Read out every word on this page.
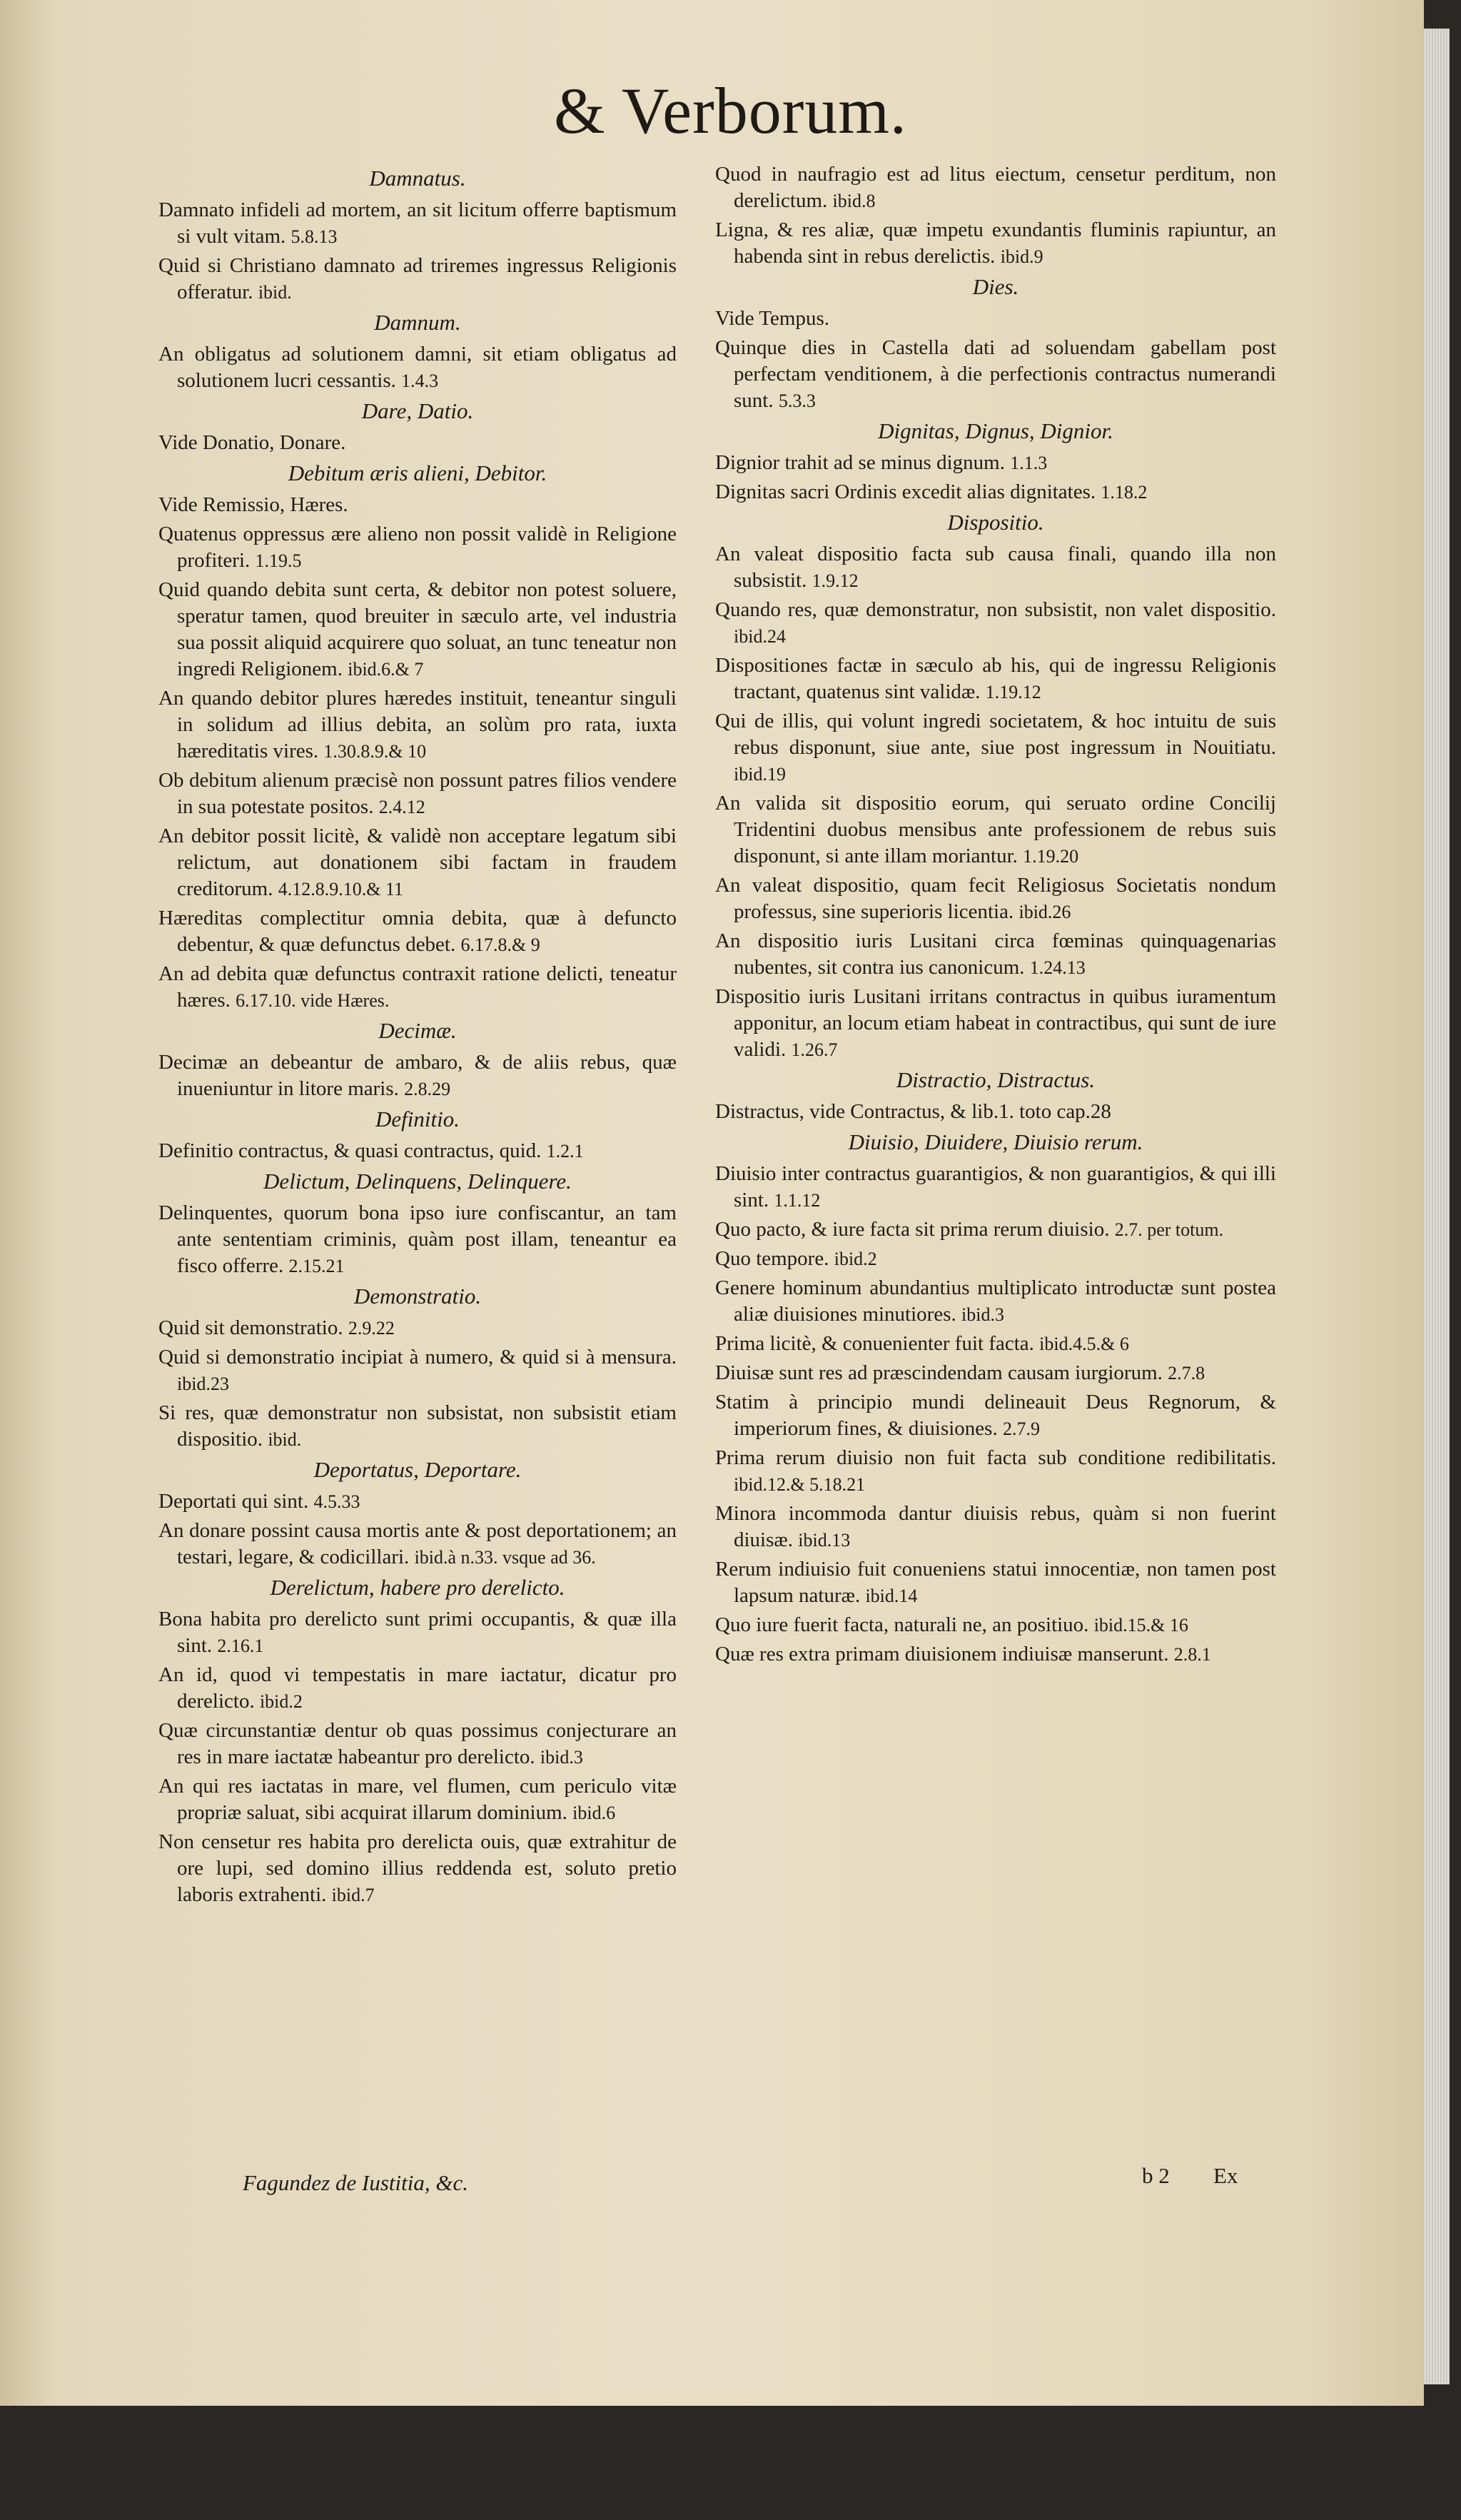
& Verborum.
Damnatus.
Damnato infideli ad mortem, an sit licitum offerre baptismum si vult vitam. 5.8.13
Quid si Christiano damnato ad triremes ingressus Religionis offeratur. ibid.
Damnum.
An obligatus ad solutionem damni, sit etiam obligatus ad solutionem lucri cessantis. 1.4.3
Dare, Datio.
Vide Donatio, Donare.
Debitum æris alieni, Debitor.
Vide Remissio, Hæres.
Quatenus oppressus ære alieno non possit validè in Religione profiteri. 1.19.5
Quid quando debita sunt certa, & debitor non potest soluere, speratur tamen, quod breuiter in sæculo arte, vel industria sua possit aliquid acquirere quo soluat, an tunc teneatur non ingredi Religionem. ibid.6.& 7
An quando debitor plures hæredes instituit, teneantur singuli in solidum ad illius debita, an solùm pro rata, iuxta hæreditatis vires. 1.30.8.9.& 10
Ob debitum alienum præcisè non possunt patres filios vendere in sua potestate positos. 2.4.12
An debitor possit licitè, & validè non acceptare legatum sibi relictum, aut donationem sibi factam in fraudem creditorum. 4.12.8.9.10.& 11
Hæreditas complectitur omnia debita, quæ à defuncto debentur, & quæ defunctus debet. 6.17.8.& 9
An ad debita quæ defunctus contraxit ratione delicti, teneatur hæres. 6.17.10. vide Hæres.
Decimæ.
Decimæ an debeantur de ambaro, & de aliis rebus, quæ inueniuntur in litore maris. 2.8.29
Definitio.
Definitio contractus, & quasi contractus, quid. 1.2.1
Delictum, Delinquens, Delinquere.
Delinquentes, quorum bona ipso iure confiscantur, an tam ante sententiam criminis, quàm post illam, teneantur ea fisco offerre. 2.15.21
Demonstratio.
Quid sit demonstratio. 2.9.22
Quid si demonstratio incipiat à numero, & quid si à mensura. ibid.23
Si res, quæ demonstratur non subsistat, non subsistit etiam dispositio. ibid.
Deportatus, Deportare.
Deportati qui sint. 4.5.33
An donare possint causa mortis ante & post deportationem; an testari, legare, & codicillari. ibid.à n.33. vsque ad 36.
Derelictum, habere pro derelicto.
Bona habita pro derelicto sunt primi occupantis, & quæ illa sint. 2.16.1
An id, quod vi tempestatis in mare iactatur, dicatur pro derelicto. ibid.2
Quæ circunstantiæ dentur ob quas possimus conjecturare an res in mare iactatæ habeantur pro derelicto. ibid.3
An qui res iactatas in mare, vel flumen, cum periculo vitæ propriæ saluat, sibi acquirat illarum dominium. ibid.6
Non censetur res habita pro derelicta ouis, quæ extrahitur de ore lupi, sed domino illius reddenda est, soluto pretio laboris extrahenti. ibid.7
Quod in naufragio est ad litus eiectum, censetur perditum, non derelictum. ibid.8
Ligna, & res aliæ, quæ impetu exundantis fluminis rapiuntur, an habenda sint in rebus derelictis. ibid.9
Dies.
Vide Tempus.
Quinque dies in Castella dati ad soluendam gabellam post perfectam venditionem, à die perfectionis contractus numerandi sunt. 5.3.3
Dignitas, Dignus, Dignior.
Dignior trahit ad se minus dignum. 1.1.3
Dignitas sacri Ordinis excedit alias dignitates. 1.18.2
Dispositio.
An valeat dispositio facta sub causa finali, quando illa non subsistit. 1.9.12
Quando res, quæ demonstratur, non subsistit, non valet dispositio. ibid.24
Dispositiones factæ in sæculo ab his, qui de ingressu Religionis tractant, quatenus sint validæ. 1.19.12
Qui de illis, qui volunt ingredi societatem, & hoc intuitu de suis rebus disponunt, siue ante, siue post ingressum in Nouitiatu. ibid.19
An valida sit dispositio eorum, qui seruato ordine Concilij Tridentini duobus mensibus ante professionem de rebus suis disponunt, si ante illam moriantur. 1.19.20
An valeat dispositio, quam fecit Religiosus Societatis nondum professus, sine superioris licentia. ibid.26
An dispositio iuris Lusitani circa fœminas quinquagenarias nubentes, sit contra ius canonicum. 1.24.13
Dispositio iuris Lusitani irritans contractus in quibus iuramentum apponitur, an locum etiam habeat in contractibus, qui sunt de iure validi. 1.26.7
Distractio, Distractus.
Distractus, vide Contractus, & lib.1. toto cap.28
Diuisio, Diuidere, Diuisio rerum.
Diuisio inter contractus guarantigios, & non guarantigios, & qui illi sint. 1.1.12
Quo pacto, & iure facta sit prima rerum diuisio. 2.7. per totum.
Quo tempore. ibid.2
Genere hominum abundantius multiplicato introductæ sunt postea aliæ diuisiones minutiores. ibid.3
Prima licitè, & conuenienter fuit facta. ibid.4.5.& 6
Diuisæ sunt res ad præscindendam causam iurgiorum. 2.7.8
Statim à principio mundi delineauit Deus Regnorum, & imperiorum fines, & diuisiones. 2.7.9
Prima rerum diuisio non fuit facta sub conditione redibilitatis. ibid.12.& 5.18.21
Minora incommoda dantur diuisis rebus, quàm si non fuerint diuisæ. ibid.13
Rerum indiuisio fuit conueniens statui innocentiæ, non tamen post lapsum naturæ. ibid.14
Quo iure fuerit facta, naturali ne, an positiuo. ibid.15.& 16
Quæ res extra primam diuisionem indiuisæ manserunt. 2.8.1
Fagundez de Iustitia, &c.	b 2 Ex
